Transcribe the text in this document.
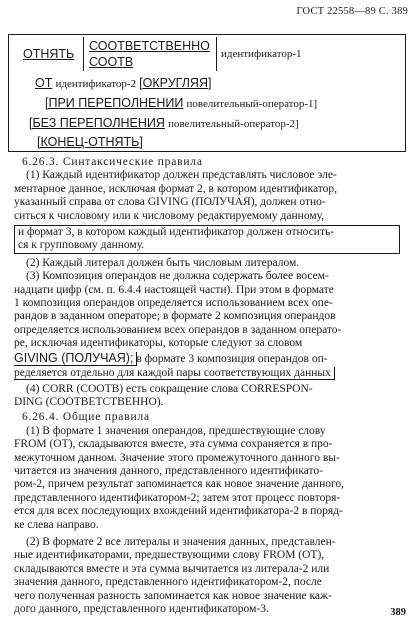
ГОСТ 22558—89 С. 389
ОТНЯТЬ
СООТВЕТСТВЕННО
СООТВ
идентификатор-1
ОТ идентификатор-2 [ОКРУГЛЯЯ]
[ПРИ ПЕРЕПОЛНЕНИИ повелительный-оператор-1]
[БЕЗ ПЕРЕПОЛНЕНИЯ повелительный-оператор-2]
[КОНЕЦ-ОТНЯТЬ]

6.26.3. Синтаксические правила

(1) Каждый идентификатор должен представлять числовое эле-

ментарное данное, исключая формат 2, в котором идентификатор,

указанный справа от слова GIVING (ПОЛУЧАЯ), должен отно-

ситься к числовому или к числовому редактируемому данному,

и формат 3, в котором каждый идентификатор должен относить-

ся к групповому данному.

(2) Каждый литерал должен быть числовым литералом.

(3) Композиция операндов не должна содержать более восем-

надцати цифр (см. п. 6.4.4 настоящей части). При этом в формате

1 композиция операндов определяется использованием всех опе-

рандов в заданном операторе; в формате 2 композиция операндов

определяется использованием всех операндов в заданном операто-

ре, исключая идентификаторы, которые следуют за словом

GIVING (ПОЛУЧАЯ); в формате 3 композиция операндов оп-

ределяется отдельно для каждой пары соответствующих данных

(4) CORR (COOTB) есть сокращение слова CORRESPON-

DING (СООТВЕТСТВЕННО).

6.26.4. Общие правила

(1) В формате 1 значения операндов, предшествующие слову

FROM (ОТ), складываются вместе, эта сумма сохраняется в про-

межуточном данном. Значение этого промежуточного данного вы-

читается из значения данного, представленного идентификато-

ром-2, причем результат запоминается как новое значение данного,

представленного идентификатором-2; затем этот процесс повторя-

ется для всех последующих вхождений идентификатора-2 в поряд-

ке слева направо.

(2) В формате 2 все литералы и значения данных, представлен-

ные идентификаторами, предшествующими слову FROM (ОТ),

складываются вместе и эта сумма вычитается из литерала-2 или

значения данного, представленного идентификатором-2, после

чего полученная разность запоминается как новое значение каж-

дого данного, представленного идентификатором-3.	389
